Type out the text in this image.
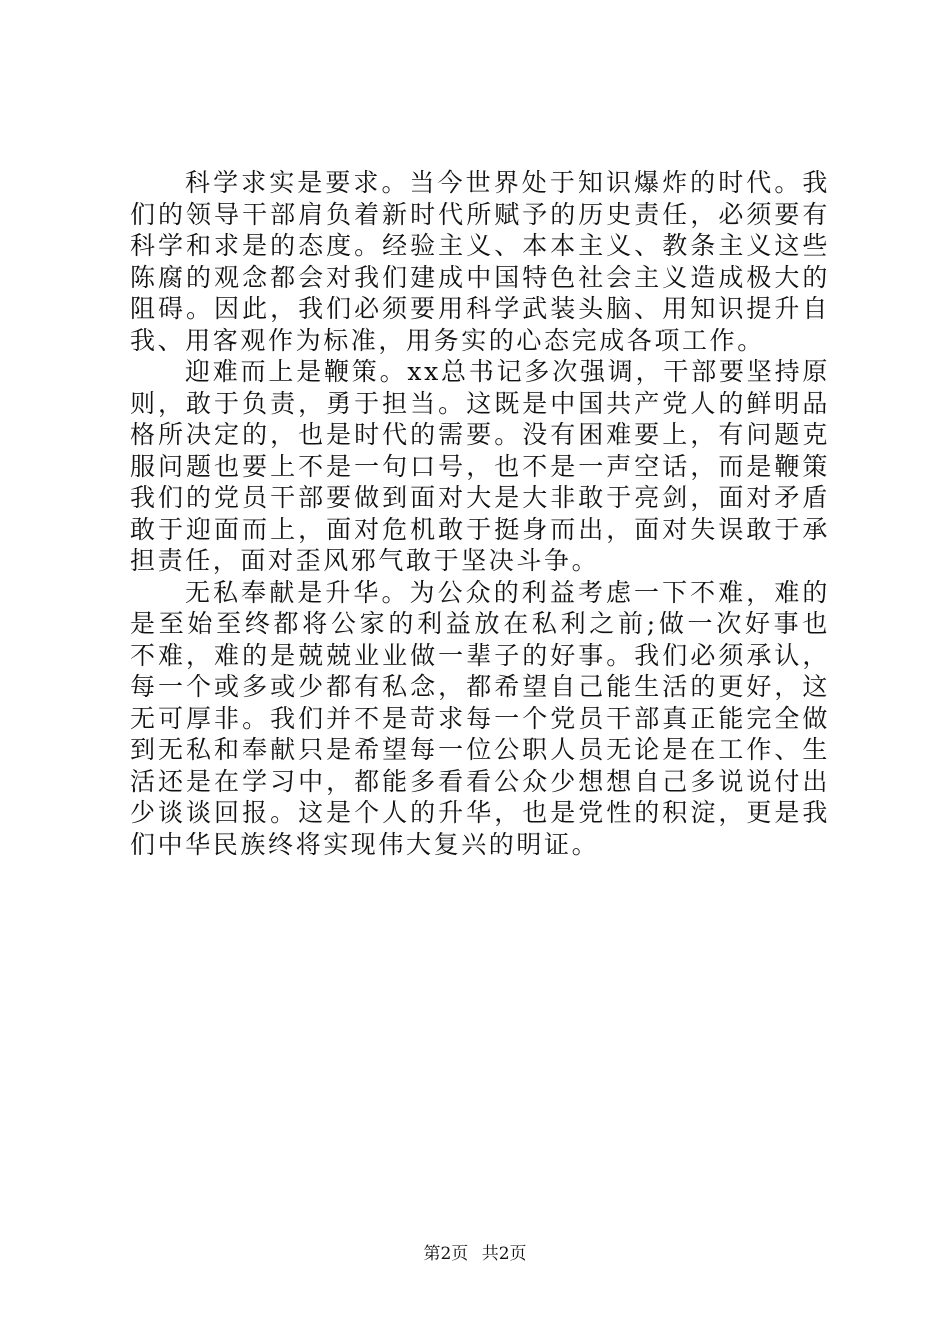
科学求实是要求。当今世界处于知识爆炸的时代。我们的领导干部肩负着新时代所赋予的历史责任，必须要有科学和求是的态度。经验主义、本本主义、教条主义这些陈腐的观念都会对我们建成中国特色社会主义造成极大的阻碍。因此，我们必须要用科学武装头脑、用知识提升自我、用客观作为标准，用务实的心态完成各项工作。

迎难而上是鞭策。xx总书记多次强调，干部要坚持原则，敢于负责，勇于担当。这既是中国共产党人的鲜明品格所决定的，也是时代的需要。没有困难要上，有问题克服问题也要上不是一句口号，也不是一声空话，而是鞭策我们的党员干部要做到面对大是大非敢于亮剑，面对矛盾敢于迎面而上，面对危机敢于挺身而出，面对失误敢于承担责任，面对歪风邪气敢于坚决斗争。

无私奉献是升华。为公众的利益考虑一下不难，难的是至始至终都将公家的利益放在私利之前;做一次好事也不难，难的是兢兢业业做一辈子的好事。我们必须承认，每一个或多或少都有私念，都希望自己能生活的更好，这无可厚非。我们并不是苛求每一个党员干部真正能完全做到无私和奉献只是希望每一位公职人员无论是在工作、生活还是在学习中，都能多看看公众少想想自己多说说付出少谈谈回报。这是个人的升华，也是党性的积淀，更是我们中华民族终将实现伟大复兴的明证。

第2页 共2页
